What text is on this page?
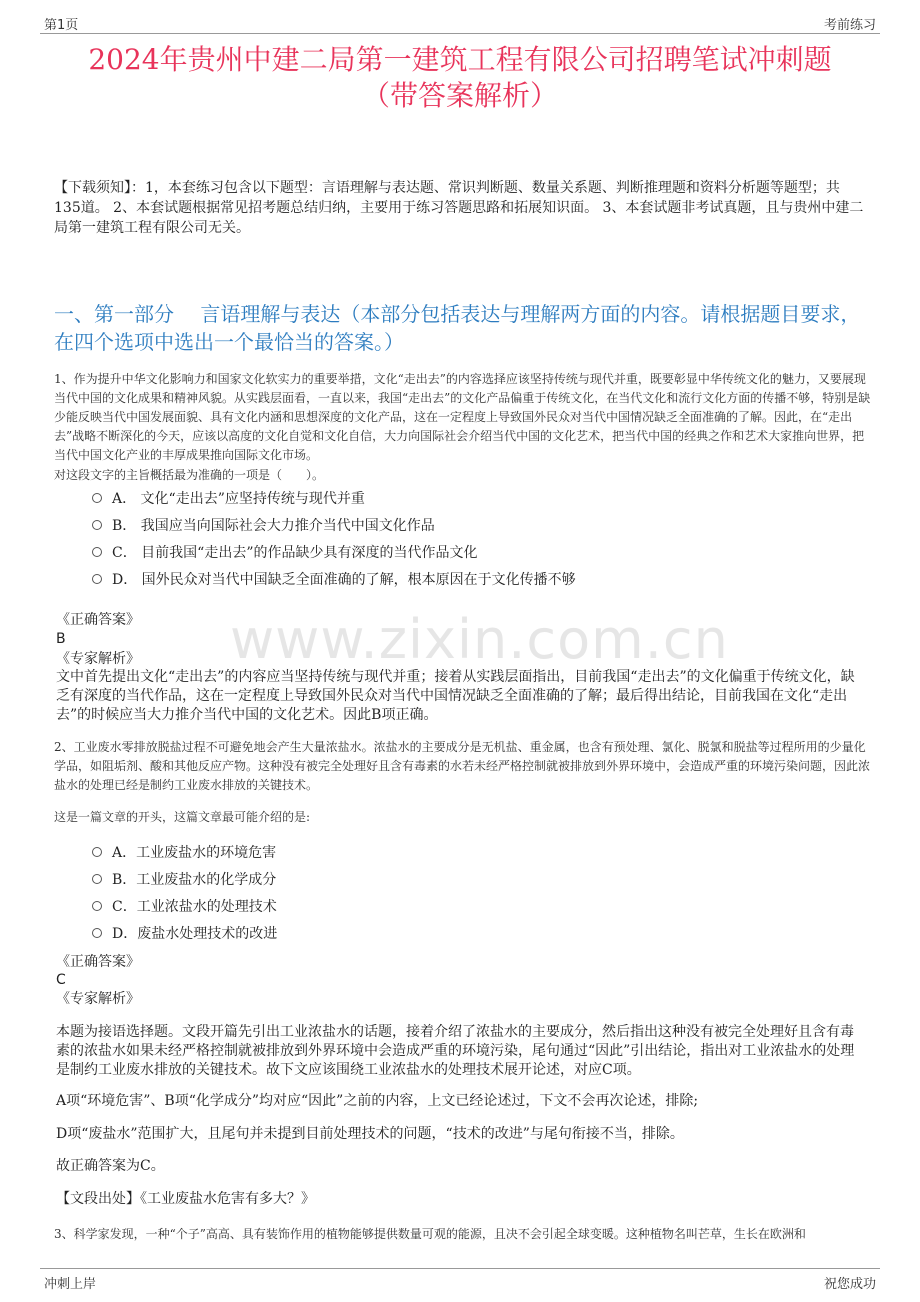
第1页	考前练习
2024年贵州中建二局第一建筑工程有限公司招聘笔试冲刺题
（带答案解析）
【下载须知】：1，本套练习包含以下题型：言语理解与表达题、常识判断题、数量关系题、判断推理题和资料分析题等题型；共135道。 2、本套试题根据常见招考题总结归纳，主要用于练习答题思路和拓展知识面。 3、本套试题非考试真题，且与贵州中建二局第一建筑工程有限公司无关。
一、第一部分　 言语理解与表达（本部分包括表达与理解两方面的内容。请根据题目要求，在四个选项中选出一个最恰当的答案。）
www.zixin.com.cn
1、作为提升中华文化影响力和国家文化软实力的重要举措，文化“走出去”的内容选择应该坚持传统与现代并重，既要彰显中华传统文化的魅力，又要展现当代中国的文化成果和精神风貌。从实践层面看，一直以来，我国“走出去”的文化产品偏重于传统文化，在当代文化和流行文化方面的传播不够，特别是缺少能反映当代中国发展面貌、具有文化内涵和思想深度的文化产品，这在一定程度上导致国外民众对当代中国情况缺乏全面准确的了解。因此，在“走出去”战略不断深化的今天，应该以高度的文化自觉和文化自信，大力向国际社会介绍当代中国的文化艺术，把当代中国的经典之作和艺术大家推向世界，把当代中国文化产业的丰厚成果推向国际文化市场。
对这段文字的主旨概括最为准确的一项是（　　）。
A． 文化“走出去”应坚持传统与现代并重
B． 我国应当向国际社会大力推介当代中国文化作品
C． 目前我国“走出去”的作品缺少具有深度的当代作品文化
D． 国外民众对当代中国缺乏全面准确的了解，根本原因在于文化传播不够
《正确答案》
B
《专家解析》
文中首先提出文化“走出去”的内容应当坚持传统与现代并重；接着从实践层面指出，目前我国“走出去”的文化偏重于传统文化，缺乏有深度的当代作品，这在一定程度上导致国外民众对当代中国情况缺乏全面准确的了解；最后得出结论，目前我国在文化“走出去”的时候应当大力推介当代中国的文化艺术。因此B项正确。
2、工业废水零排放脱盐过程不可避免地会产生大量浓盐水。浓盐水的主要成分是无机盐、重金属，也含有预处理、氯化、脱氯和脱盐等过程所用的少量化学品，如阻垢剂、酸和其他反应产物。这种没有被完全处理好且含有毒素的水若未经严格控制就被排放到外界环境中，会造成严重的环境污染问题，因此浓盐水的处理已经是制约工业废水排放的关键技术。
这是一篇文章的开头，这篇文章最可能介绍的是:
A．工业废盐水的环境危害
B．工业废盐水的化学成分
C．工业浓盐水的处理技术
D．废盐水处理技术的改进
《正确答案》
C
《专家解析》
本题为接语选择题。文段开篇先引出工业浓盐水的话题，接着介绍了浓盐水的主要成分，然后指出这种没有被完全处理好且含有毒素的浓盐水如果未经严格控制就被排放到外界环境中会造成严重的环境污染，尾句通过“因此”引出结论，指出对工业浓盐水的处理是制约工业废水排放的关键技术。故下文应该围绕工业浓盐水的处理技术展开论述，对应C项。
A项“环境危害”、B项“化学成分”均对应“因此”之前的内容，上文已经论述过，下文不会再次论述，排除;
D项“废盐水”范围扩大，且尾句并未提到目前处理技术的问题，“技术的改进”与尾句衔接不当，排除。
故正确答案为C。
【文段出处】《工业废盐水危害有多大？》
3、科学家发现，一种“个子”高高、具有装饰作用的植物能够提供数量可观的能源，且决不会引起全球变暖。这种植物名叫芒草，生长在欧洲和
冲刺上岸	祝您成功
